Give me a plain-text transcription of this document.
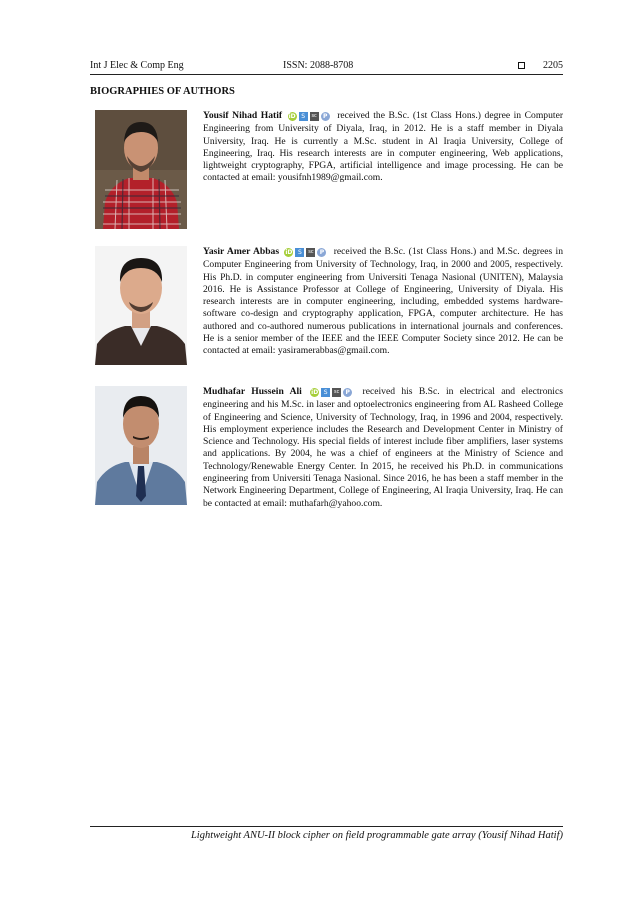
Int J Elec & Comp Eng	ISSN: 2088-8708	2205
BIOGRAPHIES OF AUTHORS
Yousif Nihad Hatif iD S sc P received the B.Sc. (1st Class Hons.) degree in Computer Engineering from University of Diyala, Iraq, in 2012. He is a staff member in Diyala University, Iraq. He is currently a M.Sc. student in Al Iraqia University, College of Engineering, Iraq. His research interests are in computer engineering, Web applications, lightweight cryptography, FPGA, artificial intelligence and image processing. He can be contacted at email: yousifnh1989@gmail.com.
Yasir Amer Abbas iD S sc P received the B.Sc. (1st Class Hons.) and M.Sc. degrees in Computer Engineering from University of Technology, Iraq, in 2000 and 2005, respectively. His Ph.D. in computer engineering from Universiti Tenaga Nasional (UNITEN), Malaysia 2016. He is Assistance Professor at College of Engineering, University of Diyala. His research interests are in computer engineering, including, embedded systems hardware-software co-design and cryptography application, FPGA, computer architecture. He has authored and co-authored numerous publications in international journals and conferences. He is a senior member of the IEEE and the IEEE Computer Society since 2012. He can be contacted at email: yasiramerabbas@gmail.com.
Mudhafar Hussein Ali iD S sc P received his B.Sc. in electrical and electronics engineering and his M.Sc. in laser and optoelectronics engineering from AL Rasheed College of Engineering and Science, University of Technology, Iraq, in 1996 and 2004, respectively. His employment experience includes the Research and Development Center in Ministry of Science and Technology. His special fields of interest include fiber amplifiers, laser systems and applications. By 2004, he was a chief of engineers at the Ministry of Science and Technology/Renewable Energy Center. In 2015, he received his Ph.D. in communications engineering from Universiti Tenaga Nasional. Since 2016, he has been a staff member in the Network Engineering Department, College of Engineering, Al Iraqia University, Iraq. He can be contacted at email: muthafarh@yahoo.com.
Lightweight ANU-II block cipher on field programmable gate array (Yousif Nihad Hatif)
